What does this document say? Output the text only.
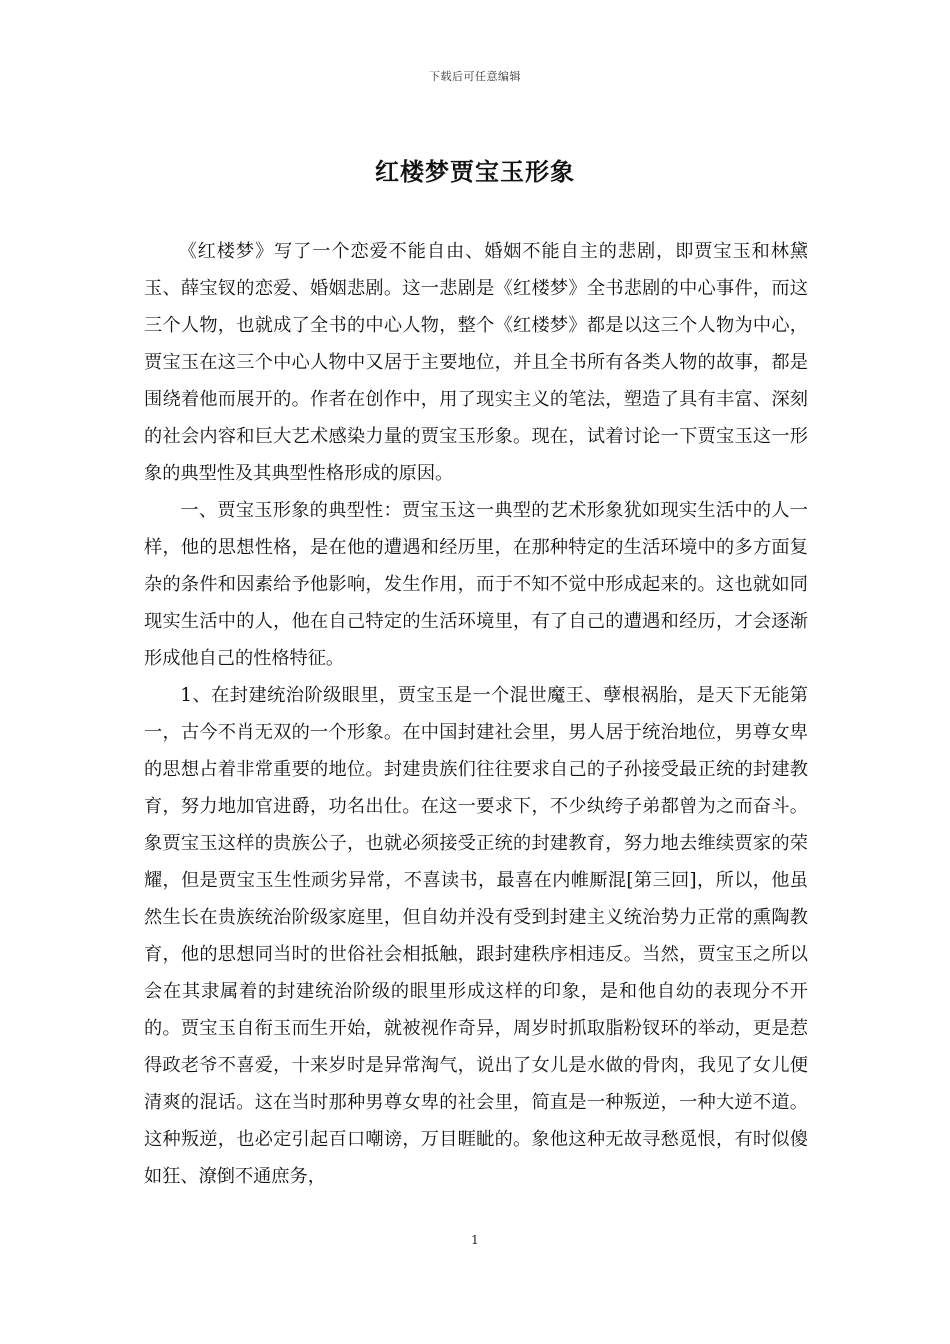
下载后可任意编辑
红楼梦贾宝玉形象

《红楼梦》写了一个恋爱不能自由、婚姻不能自主的悲剧，即贾宝玉和林黛玉、薛宝钗的恋爱、婚姻悲剧。这一悲剧是《红楼梦》全书悲剧的中心事件，而这三个人物，也就成了全书的中心人物，整个《红楼梦》都是以这三个人物为中心，贾宝玉在这三个中心人物中又居于主要地位，并且全书所有各类人物的故事，都是围绕着他而展开的。作者在创作中，用了现实主义的笔法，塑造了具有丰富、深刻的社会内容和巨大艺术感染力量的贾宝玉形象。现在，试着讨论一下贾宝玉这一形象的典型性及其典型性格形成的原因。

一、贾宝玉形象的典型性：贾宝玉这一典型的艺术形象犹如现实生活中的人一样，他的思想性格，是在他的遭遇和经历里，在那种特定的生活环境中的多方面复杂的条件和因素给予他影响，发生作用，而于不知不觉中形成起来的。这也就如同现实生活中的人，他在自己特定的生活环境里，有了自己的遭遇和经历，才会逐渐形成他自己的性格特征。

1、在封建统治阶级眼里，贾宝玉是一个混世魔王、孽根祸胎，是天下无能第一，古今不肖无双的一个形象。在中国封建社会里，男人居于统治地位，男尊女卑的思想占着非常重要的地位。封建贵族们往往要求自己的子孙接受最正统的封建教育，努力地加官进爵，功名出仕。在这一要求下，不少纨绔子弟都曾为之而奋斗。象贾宝玉这样的贵族公子，也就必须接受正统的封建教育，努力地去维续贾家的荣耀，但是贾宝玉生性顽劣异常，不喜读书，最喜在内帷厮混[第三回]，所以，他虽然生长在贵族统治阶级家庭里，但自幼并没有受到封建主义统治势力正常的熏陶教育，他的思想同当时的世俗社会相抵触，跟封建秩序相违反。当然，贾宝玉之所以会在其隶属着的封建统治阶级的眼里形成这样的印象，是和他自幼的表现分不开的。贾宝玉自衔玉而生开始，就被视作奇异，周岁时抓取脂粉钗环的举动，更是惹得政老爷不喜爱，十来岁时是异常淘气，说出了女儿是水做的骨肉，我见了女儿便清爽的混话。这在当时那种男尊女卑的社会里，简直是一种叛逆，一种大逆不道。这种叛逆，也必定引起百口嘲谤，万目睚眦的。象他这种无故寻愁觅恨，有时似傻如狂、潦倒不通庶务，

1
